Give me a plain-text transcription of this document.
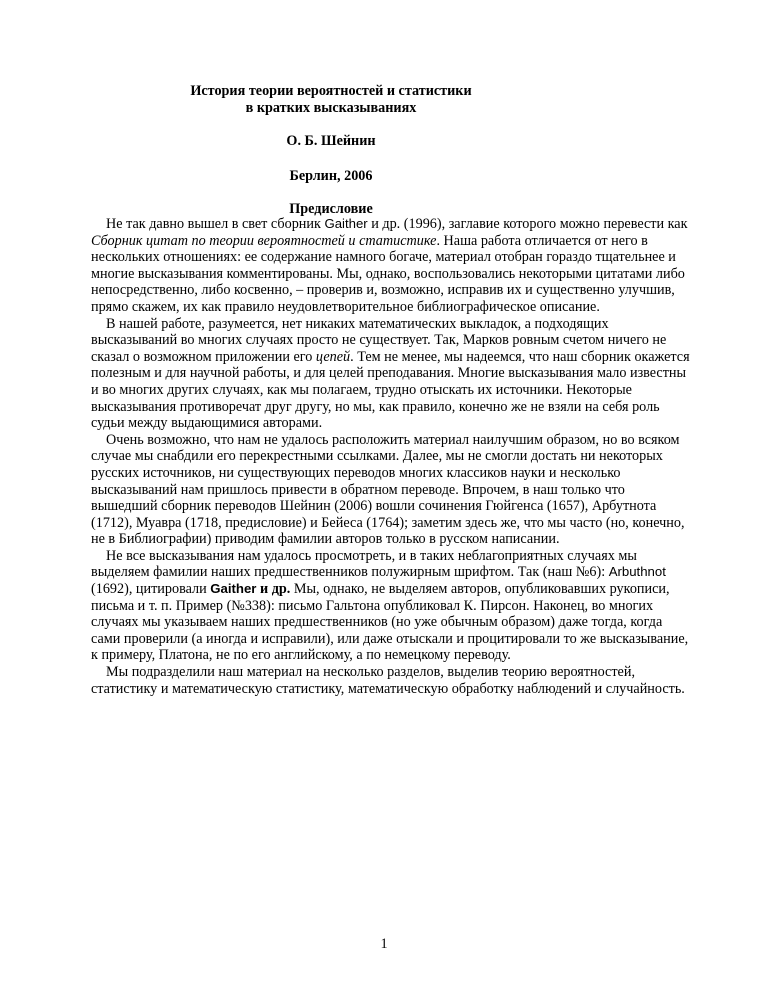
История теории вероятностей и статистики
в кратких высказываниях
О. Б. Шейнин
Берлин, 2006
Предисловие

Не так давно вышел в свет сборник Gaither и др. (1996), заглавие которого можно перевести как Сборник цитат по теории вероятностей и статистике. Наша работа отличается от него в нескольких отношениях: ее содержание намного богаче, материал отобран гораздо тщательнее и многие высказывания комментированы. Мы, однако, воспользовались некоторыми цитатами либо непосредственно, либо косвенно, – проверив и, возможно, исправив их и существенно улучшив, прямо скажем, их как правило неудовлетворительное библиографическое описание.

В нашей работе, разумеется, нет никаких математических выкладок, а подходящих высказываний во многих случаях просто не существует. Так, Марков ровным счетом ничего не сказал о возможном приложении его цепей. Тем не менее, мы надеемся, что наш сборник окажется полезным и для научной работы, и для целей преподавания. Многие высказывания мало известны и во многих других случаях, как мы полагаем, трудно отыскать их источники. Некоторые высказывания противоречат друг другу, но мы, как правило, конечно же не взяли на себя роль судьи между выдающимися авторами.

Очень возможно, что нам не удалось расположить материал наилучшим образом, но во всяком случае мы снабдили его перекрестными ссылками. Далее, мы не смогли достать ни некоторых русских источников, ни существующих переводов многих классиков науки и несколько высказываний нам пришлось привести в обратном переводе. Впрочем, в наш только что вышедший сборник переводов Шейнин (2006) вошли сочинения Гюйгенса (1657), Арбутнота (1712), Муавра (1718, предисловие) и Бейеса (1764); заметим здесь же, что мы часто (но, конечно, не в Библиографии) приводим фамилии авторов только в русском написании.

Не все высказывания нам удалось просмотреть, и в таких неблагоприятных случаях мы выделяем фамилии наших предшественников полужирным шрифтом. Так (наш №6): Arbuthnot (1692), цитировали Gaither и др. Мы, однако, не выделяем авторов, опубликовавших рукописи, письма и т. п. Пример (№338): письмо Гальтона опубликовал К. Пирсон. Наконец, во многих случаях мы указываем наших предшественников (но уже обычным образом) даже тогда, когда сами проверили (а иногда и исправили), или даже отыскали и процитировали то же высказывание, к примеру, Платона, не по его английскому, а по немецкому переводу.

Мы подразделили наш материал на несколько разделов, выделив теорию вероятностей, статистику и математическую статистику, математическую обработку наблюдений и случайность.

1
